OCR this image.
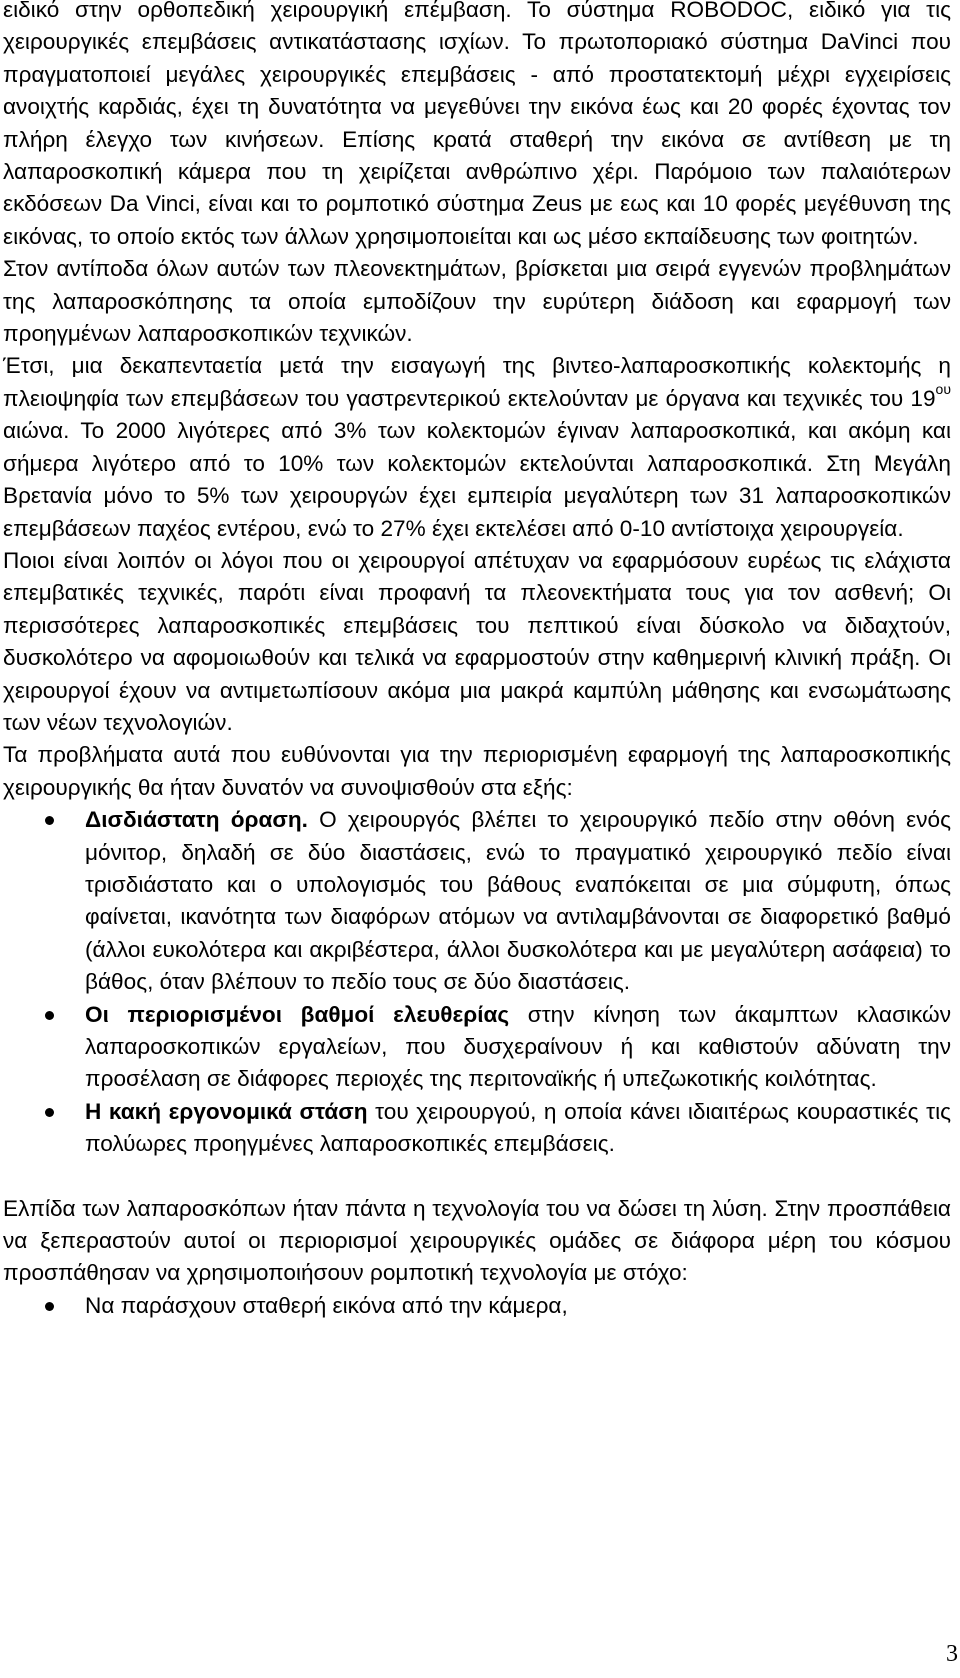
ειδικό στην ορθοπεδική χειρουργική επέμβαση. Το σύστημα ROBODOC, ειδικό για τις χειρουργικές επεμβάσεις αντικατάστασης ισχίων. Το πρωτοποριακό σύστημα DaVinci που πραγματοποιεί μεγάλες χειρουργικές επεμβάσεις - από προστατεκτομή μέχρι εγχειρίσεις ανοιχτής καρδιάς, έχει τη δυνατότητα να μεγεθύνει την εικόνα έως και 20 φορές έχοντας τον πλήρη έλεγχο των κινήσεων. Επίσης κρατά σταθερή την εικόνα σε αντίθεση με τη λαπαροσκοπική κάμερα που τη χειρίζεται ανθρώπινο χέρι. Παρόμοιο των παλαιότερων εκδόσεων Da Vinci, είναι και το ρομποτικό σύστημα Zeus με εως και 10 φορές μεγέθυνση της εικόνας, το οποίο εκτός των άλλων χρησιμοποιείται και ως μέσο εκπαίδευσης των φοιτητών.

Στον αντίποδα όλων αυτών των πλεονεκτημάτων, βρίσκεται μια σειρά εγγενών προβλημάτων της λαπαροσκόπησης τα οποία εμποδίζουν την ευρύτερη διάδοση και εφαρμογή των προηγμένων λαπαροσκοπικών τεχνικών.

Έτσι, μια δεκαπενταετία μετά την εισαγωγή της βιντεο-λαπαροσκοπικής κολεκτομής η πλειοψηφία των επεμβάσεων του γαστρεντερικού εκτελούνταν με όργανα και τεχνικές του $19^{o\upsilon}$ αιώνα. Το 2000 λιγότερες από 3% των κολεκτομών έγιναν λαπαροσκοπικά, και ακόμη και σήμερα λιγότερο από το 10% των κολεκτομών εκτελούνται λαπαροσκοπικά. Στη Μεγάλη Βρετανία μόνο το 5% των χειρουργών έχει εμπειρία μεγαλύτερη των 31 λαπαροσκοπικών επεμβάσεων παχέος εντέρου, ενώ το 27% έχει εκτελέσει από 0-10 αντίστοιχα χειρουργεία.

Ποιοι είναι λοιπόν οι λόγοι που οι χειρουργοί απέτυχαν να εφαρμόσουν ευρέως τις ελάχιστα επεμβατικές τεχνικές, παρότι είναι προφανή τα πλεονεκτήματα τους για τον ασθενή; Οι περισσότερες λαπαροσκοπικές επεμβάσεις του πεπτικού είναι δύσκολο να διδαχτούν, δυσκολότερο να αφομοιωθούν και τελικά να εφαρμοστούν στην καθημερινή κλινική πράξη. Οι χειρουργοί έχουν να αντιμετωπίσουν ακόμα μια μακρά καμπύλη μάθησης και ενσωμάτωσης των νέων τεχνολογιών.

Τα προβλήματα αυτά που ευθύνονται για την περιορισμένη εφαρμογή της λαπαροσκοπικής χειρουργικής θα ήταν δυνατόν να συνοψισθούν στα εξής:

Δισδιάστατη όραση. Ο χειρουργός βλέπει το χειρουργικό πεδίο στην οθόνη ενός μόνιτορ, δηλαδή σε δύο διαστάσεις, ενώ το πραγματικό χειρουργικό πεδίο είναι τρισδιάστατο και ο υπολογισμός του βάθους εναπόκειται σε μια σύμφυτη, όπως φαίνεται, ικανότητα των διαφόρων ατόμων να αντιλαμβάνονται σε διαφορετικό βαθμό (άλλοι ευκολότερα και ακριβέστερα, άλλοι δυσκολότερα και με μεγαλύτερη ασάφεια) το βάθος, όταν βλέπουν το πεδίο τους σε δύο διαστάσεις.
Οι περιορισμένοι βαθμοί ελευθερίας στην κίνηση των άκαμπτων κλασικών λαπαροσκοπικών εργαλείων, που δυσχεραίνουν ή και καθιστούν αδύνατη την προσέλαση σε διάφορες περιοχές της περιτοναϊκής ή υπεζωκοτικής κοιλότητας.
Η κακή εργονομικά στάση του χειρουργού, η οποία κάνει ιδιαιτέρως κουραστικές τις πολύωρες προηγμένες λαπαροσκοπικές επεμβάσεις.

Ελπίδα των λαπαροσκόπων ήταν πάντα η τεχνολογία του να δώσει τη λύση. Στην προσπάθεια να ξεπεραστούν αυτοί οι περιορισμοί χειρουργικές ομάδες σε διάφορα μέρη του κόσμου προσπάθησαν να χρησιμοποιήσουν ρομποτική τεχνολογία με στόχο:

Να παράσχουν σταθερή εικόνα από την κάμερα,
3
